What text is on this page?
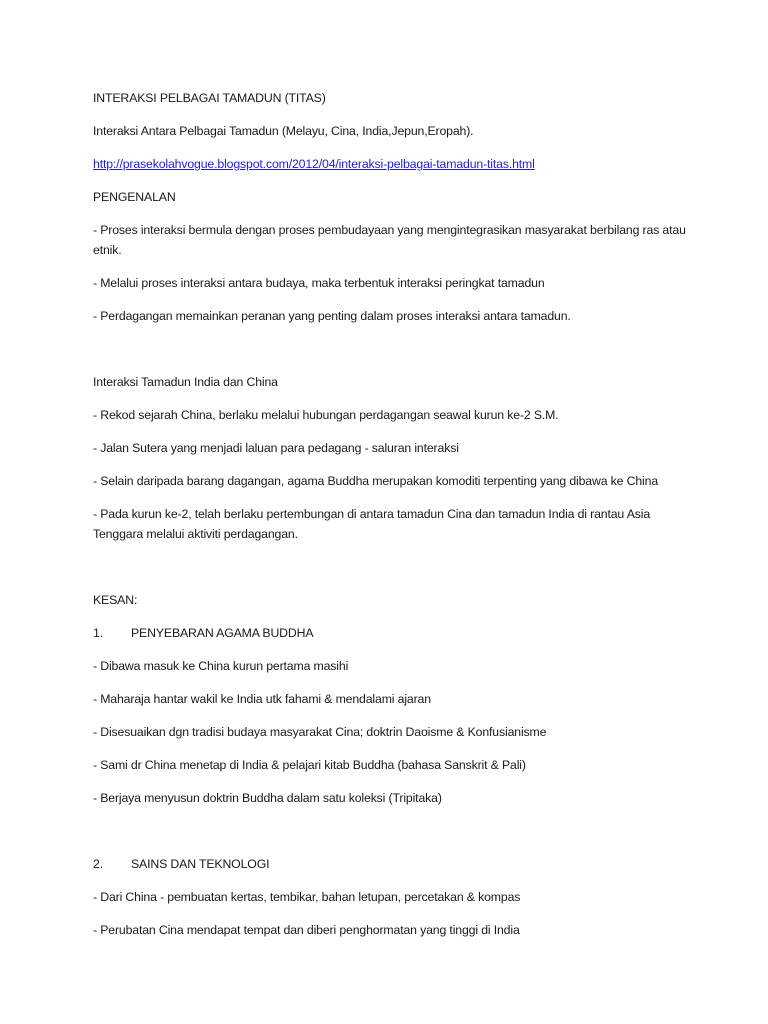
INTERAKSI PELBAGAI TAMADUN (TITAS)

Interaksi Antara Pelbagai Tamadun (Melayu, Cina, India,Jepun,Eropah).

http://prasekolahvogue.blogspot.com/2012/04/interaksi-pelbagai-tamadun-titas.html

PENGENALAN

- Proses interaksi bermula dengan proses pembudayaan yang mengintegrasikan masyarakat berbilang ras atau etnik.

- Melalui proses interaksi antara budaya, maka terbentuk interaksi peringkat tamadun

- Perdagangan memainkan peranan yang penting dalam proses interaksi antara tamadun.

Interaksi Tamadun India dan China

- Rekod sejarah China, berlaku melalui hubungan perdagangan seawal kurun ke-2 S.M.

- Jalan Sutera yang menjadi laluan para pedagang - saluran interaksi

- Selain daripada barang dagangan, agama Buddha merupakan komoditi terpenting yang dibawa ke China

- Pada kurun ke-2, telah berlaku pertembungan di antara tamadun Cina dan tamadun India di rantau Asia Tenggara melalui aktiviti perdagangan.

KESAN:

1.	PENYEBARAN AGAMA BUDDHA

- Dibawa masuk ke China kurun pertama masihi

- Maharaja hantar wakil ke India utk fahami & mendalami ajaran

- Disesuaikan dgn tradisi budaya masyarakat Cina; doktrin Daoisme & Konfusianisme

- Sami dr China menetap di India & pelajari kitab Buddha (bahasa Sanskrit & Pali)

- Berjaya menyusun doktrin Buddha dalam satu koleksi (Tripitaka)

2.	SAINS DAN TEKNOLOGI

- Dari China - pembuatan kertas, tembikar, bahan letupan, percetakan & kompas

- Perubatan Cina mendapat tempat dan diberi penghormatan yang tinggi di India
